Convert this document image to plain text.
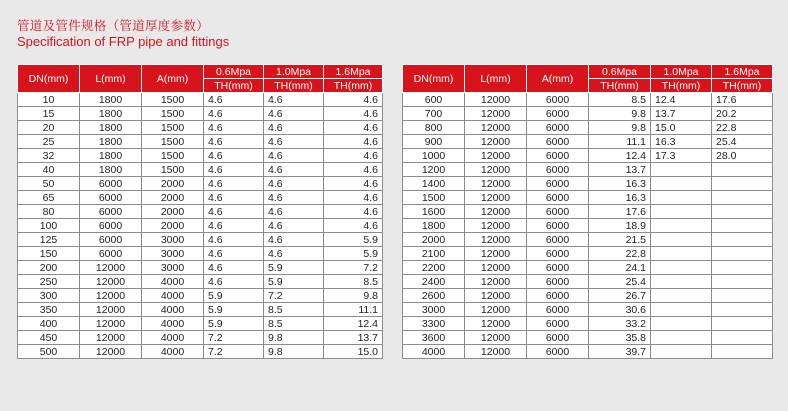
管道及管件规格（管道厚度参数）
Specification of FRP pipe and fittings
DN(mm)	L(mm)	A(mm)	0.6Mpa	1.0Mpa	1.6Mpa
			TH(mm)	TH(mm)	TH(mm)
10	1800	1500	4.6	4.6	4.6
15	1800	1500	4.6	4.6	4.6
20	1800	1500	4.6	4.6	4.6
25	1800	1500	4.6	4.6	4.6
32	1800	1500	4.6	4.6	4.6
40	1800	1500	4.6	4.6	4.6
50	6000	2000	4.6	4.6	4.6
65	6000	2000	4.6	4.6	4.6
80	6000	2000	4.6	4.6	4.6
100	6000	2000	4.6	4.6	4.6
125	6000	3000	4.6	4.6	5.9
150	6000	3000	4.6	4.6	5.9
200	12000	3000	4.6	5.9	7.2
250	12000	4000	4.6	5.9	8.5
300	12000	4000	5.9	7.2	9.8
350	12000	4000	5.9	8.5	11.1
400	12000	4000	5.9	8.5	12.4
450	12000	4000	7.2	9.8	13.7
500	12000	4000	7.2	9.8	15.0
DN(mm)	L(mm)	A(mm)	0.6Mpa	1.0Mpa	1.6Mpa
			TH(mm)	TH(mm)	TH(mm)
600	12000	6000	8.5	12.4	17.6
700	12000	6000	9.8	13.7	20.2
800	12000	6000	9.8	15.0	22.8
900	12000	6000	11.1	16.3	25.4
1000	12000	6000	12.4	17.3	28.0
1200	12000	6000	13.7		
1400	12000	6000	16.3		
1500	12000	6000	16.3		
1600	12000	6000	17.6		
1800	12000	6000	18.9		
2000	12000	6000	21.5		
2100	12000	6000	22.8		
2200	12000	6000	24.1		
2400	12000	6000	25.4		
2600	12000	6000	26.7		
3000	12000	6000	30.6		
3300	12000	6000	33.2		
3600	12000	6000	35.8		
4000	12000	6000	39.7		
